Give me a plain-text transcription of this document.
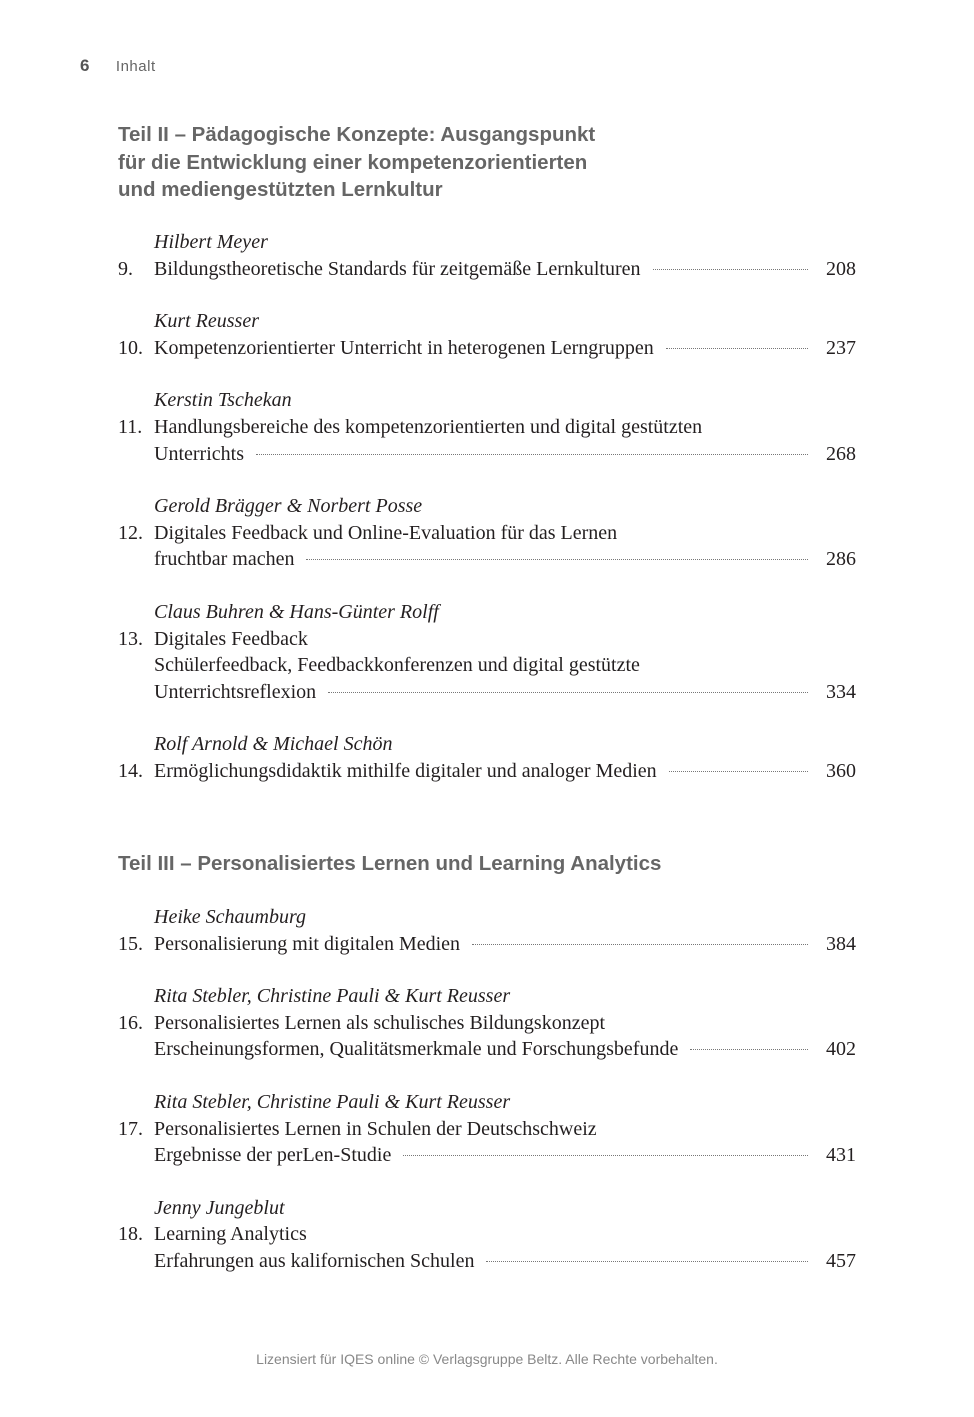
6 Inhalt
Teil II – Pädagogische Konzepte: Ausgangspunkt
für die Entwicklung einer kompetenzorientierten
und mediengestützten Lernkultur
Hilbert Meyer
9.	Bildungstheoretische Standards für zeitgemäße Lernkulturen	208
Kurt Reusser
10. Kompetenzorientierter Unterricht in heterogenen Lerngruppen	237
Kerstin Tschekan
11. Handlungsbereiche des kompetenzorientierten und digital gestützten
Unterrichts	268
Gerold Brägger & Norbert Posse
12. Digitales Feedback und Online-Evaluation für das Lernen
fruchtbar machen	286
Claus Buhren & Hans-Günter Rolff
13. Digitales Feedback
Schülerfeedback, Feedbackkonferenzen und digital gestützte
Unterrichtsreflexion	334
Rolf Arnold & Michael Schön
14. Ermöglichungsdidaktik mithilfe digitaler und analoger Medien	360
Teil III – Personalisiertes Lernen und Learning Analytics
Heike Schaumburg
15. Personalisierung mit digitalen Medien	384
Rita Stebler, Christine Pauli & Kurt Reusser
16. Personalisiertes Lernen als schulisches Bildungskonzept
Erscheinungsformen, Qualitätsmerkmale und Forschungsbefunde	402
Rita Stebler, Christine Pauli & Kurt Reusser
17. Personalisiertes Lernen in Schulen der Deutschschweiz
Ergebnisse der perLen-Studie	431
Jenny Jungeblut
18. Learning Analytics
Erfahrungen aus kalifornischen Schulen	457
Lizensiert für IQES online © Verlagsgruppe Beltz. Alle Rechte vorbehalten.
